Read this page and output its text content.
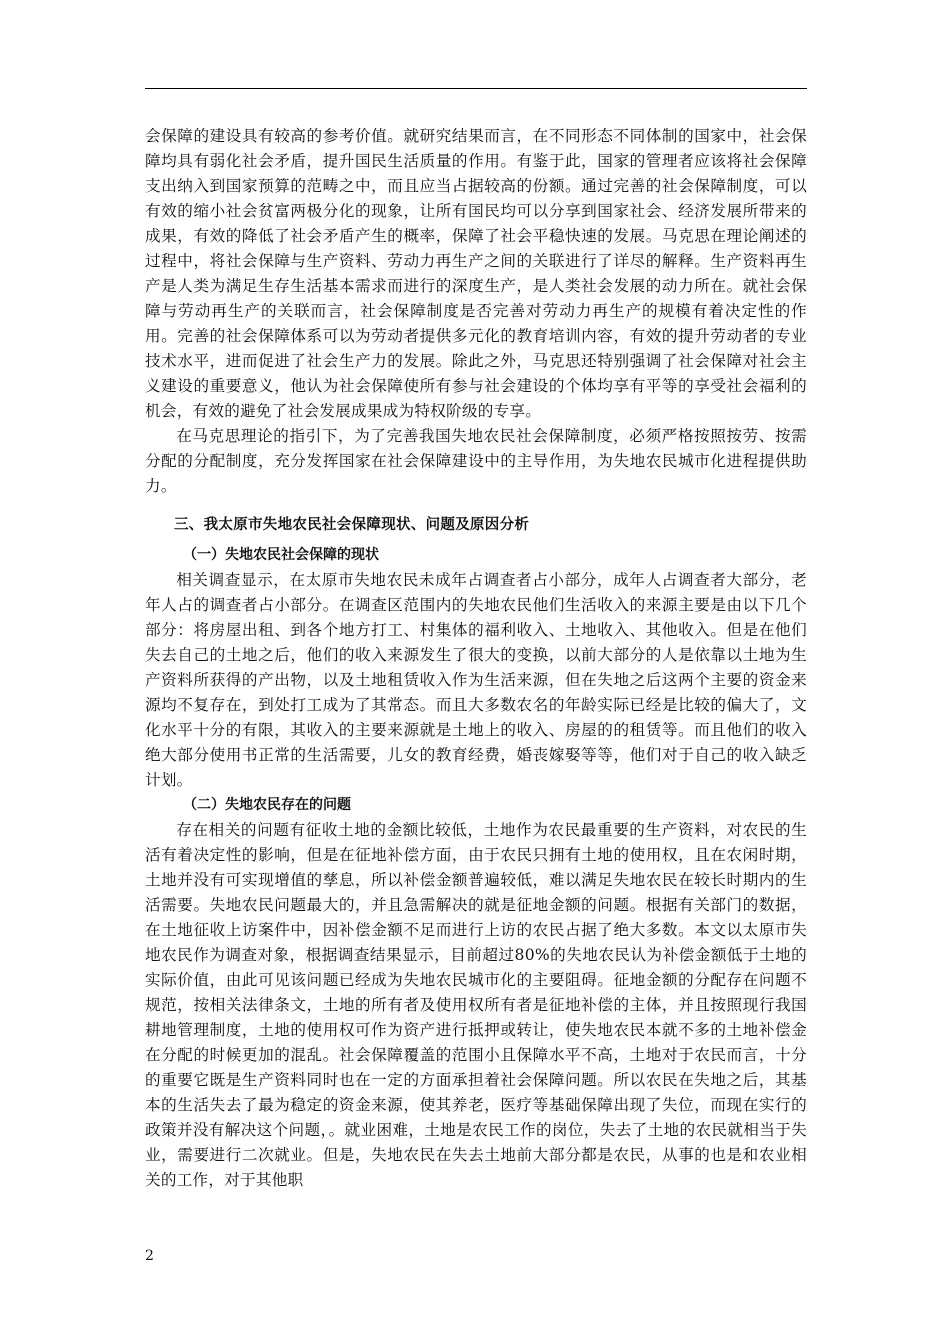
会保障的建设具有较高的参考价值。就研究结果而言，在不同形态不同体制的国家中，社会保障均具有弱化社会矛盾，提升国民生活质量的作用。有鉴于此，国家的管理者应该将社会保障支出纳入到国家预算的范畴之中，而且应当占据较高的份额。通过完善的社会保障制度，可以有效的缩小社会贫富两极分化的现象，让所有国民均可以分享到国家社会、经济发展所带来的成果，有效的降低了社会矛盾产生的概率，保障了社会平稳快速的发展。马克思在理论阐述的过程中，将社会保障与生产资料、劳动力再生产之间的关联进行了详尽的解释。生产资料再生产是人类为满足生存生活基本需求而进行的深度生产，是人类社会发展的动力所在。就社会保障与劳动再生产的关联而言，社会保障制度是否完善对劳动力再生产的规模有着决定性的作用。完善的社会保障体系可以为劳动者提供多元化的教育培训内容，有效的提升劳动者的专业技术水平，进而促进了社会生产力的发展。除此之外，马克思还特别强调了社会保障对社会主义建设的重要意义，他认为社会保障使所有参与社会建设的个体均享有平等的享受社会福利的机会，有效的避免了社会发展成果成为特权阶级的专享。

在马克思理论的指引下，为了完善我国失地农民社会保障制度，必须严格按照按劳、按需分配的分配制度，充分发挥国家在社会保障建设中的主导作用，为失地农民城市化进程提供助力。

三、我太原市失地农民社会保障现状、问题及原因分析
（一）失地农民社会保障的现状

相关调查显示，在太原市失地农民未成年占调查者占小部分，成年人占调查者大部分，老年人占的调查者占小部分。在调查区范围内的失地农民他们生活收入的来源主要是由以下几个部分：将房屋出租、到各个地方打工、村集体的福利收入、土地收入、其他收入。但是在他们失去自己的土地之后，他们的收入来源发生了很大的变换，以前大部分的人是依靠以土地为生产资料所获得的产出物，以及土地租赁收入作为生活来源，但在失地之后这两个主要的资金来源均不复存在，到处打工成为了其常态。而且大多数农名的年龄实际已经是比较的偏大了，文化水平十分的有限，其收入的主要来源就是土地上的收入、房屋的的租赁等。而且他们的收入绝大部分使用书正常的生活需要，儿女的教育经费，婚丧嫁娶等等，他们对于自己的收入缺乏计划。

（二）失地农民存在的问题

存在相关的问题有征收土地的金额比较低，土地作为农民最重要的生产资料，对农民的生活有着决定性的影响，但是在征地补偿方面，由于农民只拥有土地的使用权，且在农闲时期，土地并没有可实现增值的孳息，所以补偿金额普遍较低，难以满足失地农民在较长时期内的生活需要。失地农民问题最大的，并且急需解决的就是征地金额的问题。根据有关部门的数据，在土地征收上访案件中，因补偿金额不足而进行上访的农民占据了绝大多数。本文以太原市失地农民作为调查对象，根据调查结果显示，目前超过80%的失地农民认为补偿金额低于土地的实际价值，由此可见该问题已经成为失地农民城市化的主要阻碍。征地金额的分配存在问题不规范，按相关法律条文，土地的所有者及使用权所有者是征地补偿的主体，并且按照现行我国耕地管理制度，土地的使用权可作为资产进行抵押或转让，使失地农民本就不多的土地补偿金在分配的时候更加的混乱。社会保障覆盖的范围小且保障水平不高，土地对于农民而言，十分的重要它既是生产资料同时也在一定的方面承担着社会保障问题。所以农民在失地之后，其基本的生活失去了最为稳定的资金来源，使其养老，医疗等基础保障出现了失位，而现在实行的政策并没有解决这个问题，。就业困难，土地是农民工作的岗位，失去了土地的农民就相当于失业，需要进行二次就业。但是，失地农民在失去土地前大部分都是农民，从事的也是和农业相关的工作，对于其他职

2
